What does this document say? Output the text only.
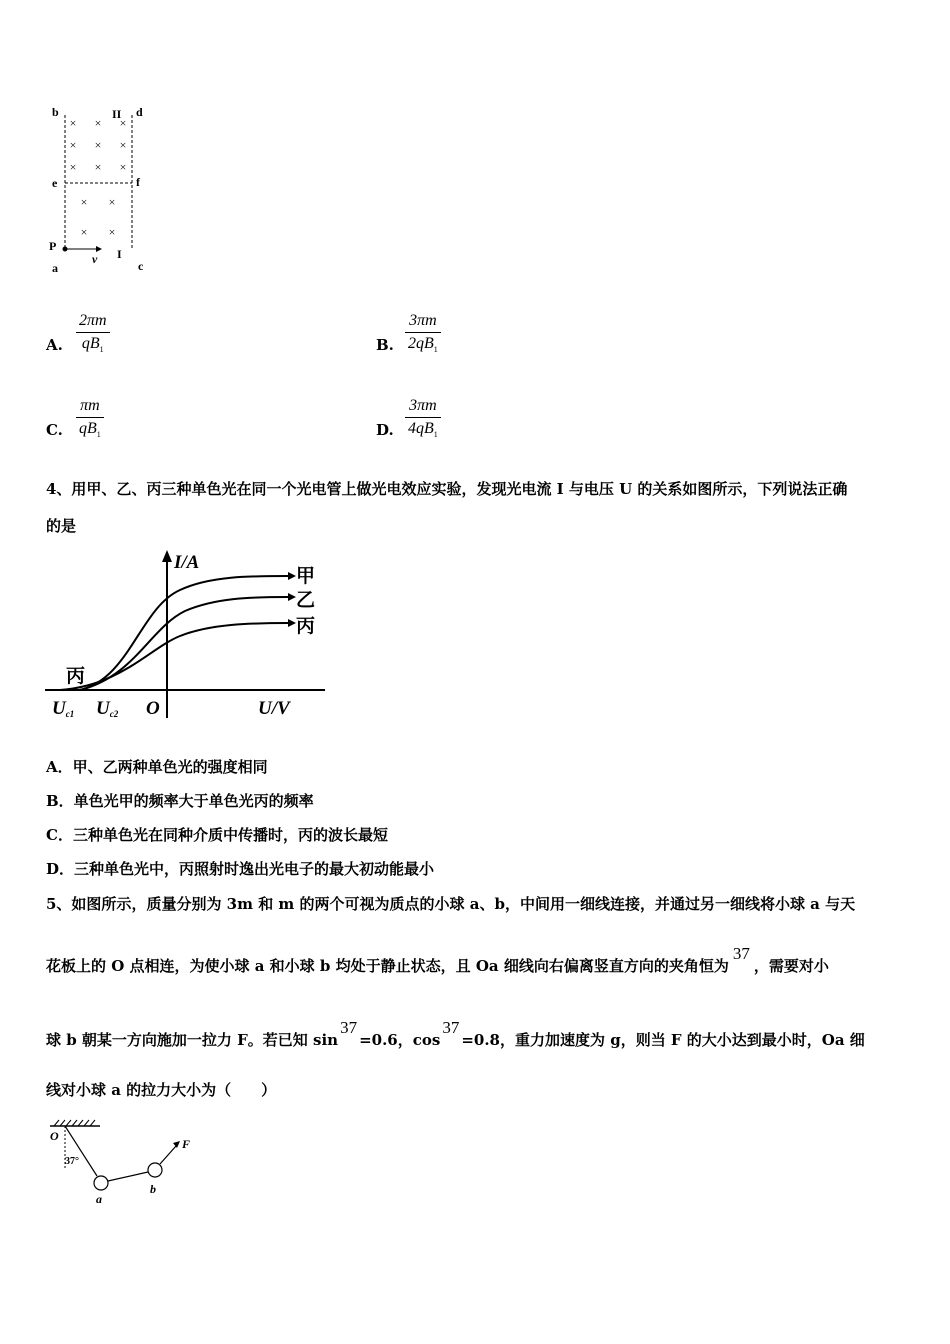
× × ×
× × ×
× × ×
× ×
× ×
b	II d
e	f
P
v I
a	c
A.
2πm
$qB_1$	B.
3πm
$2qB_1$
C.
πm
$qB_1$	D.
3πm
$4qB_1$
4、用甲、乙、丙三种单色光在同一个光电管上做光电效应实验，发现光电流 I 与电压 U 的关系如图所示，下列说法正确
的是
I/A
甲
乙
丙
丙
O	U/V
Uc1 Uc2
A．甲、乙两种单色光的强度相同
B．单色光甲的频率大于单色光丙的频率
C．三种单色光在同种介质中传播时，丙的波长最短
D．三种单色光中，丙照射时逸出光电子的最大初动能最小
5、如图所示，质量分别为 3m 和 m 的两个可视为质点的小球 a、b，中间用一细线连接，并通过另一细线将小球 a 与天
花板上的 O 点相连，为使小球 a 和小球 b 均处于静止状态，且 Oa 细线向右偏离竖直方向的夹角恒为37，需要对小
球 b 朝某一方向施加一拉力 F。若已知 sin37=0.6，cos37=0.8，重力加速度为 g，则当 F 的大小达到最小时，Oa 细
线对小球 a 的拉力大小为（　　）
O
37°
a
b
F
